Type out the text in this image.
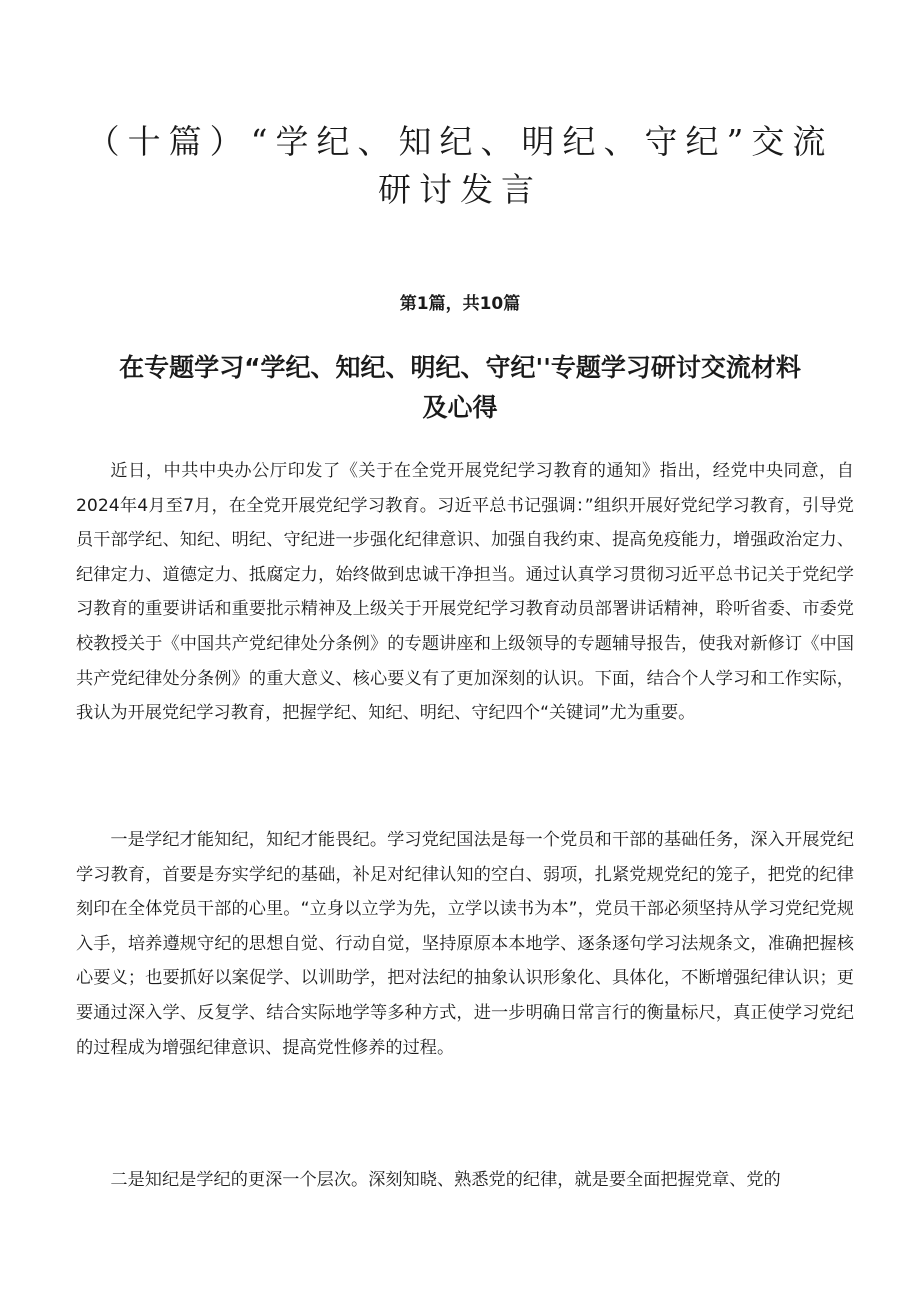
（十篇）“学纪、知纪、明纪、守纪”交流研讨发言
第1篇，共10篇
在专题学习“学纪、知纪、明纪、守纪''专题学习研讨交流材料及心得

近日，中共中央办公厅印发了《关于在全党开展党纪学习教育的通知》指出，经党中央同意，自2024年4月至7月，在全党开展党纪学习教育。习近平总书记强调：”组织开展好党纪学习教育，引导党员干部学纪、知纪、明纪、守纪进一步强化纪律意识、加强自我约束、提高免疫能力，增强政治定力、纪律定力、道德定力、抵腐定力，始终做到忠诚干净担当。通过认真学习贯彻习近平总书记关于党纪学习教育的重要讲话和重要批示精神及上级关于开展党纪学习教育动员部署讲话精神，聆听省委、市委党校教授关于《中国共产党纪律处分条例》的专题讲座和上级领导的专题辅导报告，使我对新修订《中国共产党纪律处分条例》的重大意义、核心要义有了更加深刻的认识。下面，结合个人学习和工作实际，我认为开展党纪学习教育，把握学纪、知纪、明纪、守纪四个“关键词”尤为重要。

一是学纪才能知纪，知纪才能畏纪。学习党纪国法是每一个党员和干部的基础任务，深入开展党纪学习教育，首要是夯实学纪的基础，补足对纪律认知的空白、弱项，扎紧党规党纪的笼子，把党的纪律刻印在全体党员干部的心里。“立身以立学为先，立学以读书为本”，党员干部必须坚持从学习党纪党规入手，培养遵规守纪的思想自觉、行动自觉，坚持原原本本地学、逐条逐句学习法规条文，准确把握核心要义；也要抓好以案促学、以训助学，把对法纪的抽象认识形象化、具体化，不断增强纪律认识；更要通过深入学、反复学、结合实际地学等多种方式，进一步明确日常言行的衡量标尺，真正使学习党纪的过程成为增强纪律意识、提高党性修养的过程。

二是知纪是学纪的更深一个层次。深刻知晓、熟悉党的纪律，就是要全面把握党章、党的
